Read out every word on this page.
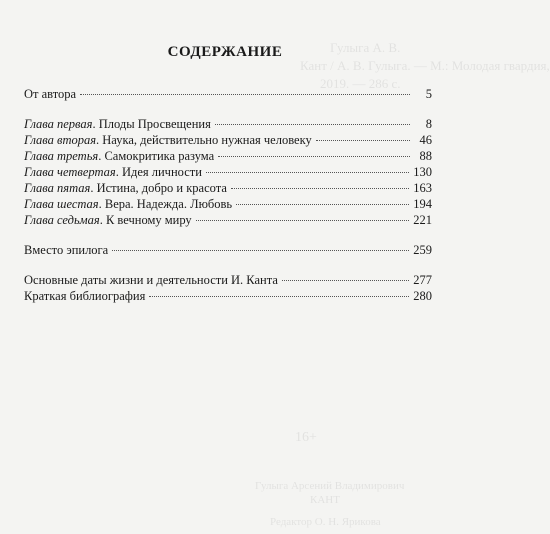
Гулыга А. В.
Кант / А. В. Гулыга. — М.: Молодая гвардия,
2019. — 286 с.
16+
Гулыга Арсений Владимирович
КАНТ
Редактор О. Н. Ярикова
СОДЕРЖАНИЕ
От автора	5
Глава первая. Плоды Просвещения	8
Глава вторая. Наука, действительно нужная человеку	46
Глава третья. Самокритика разума	88
Глава четвертая. Идея личности	130
Глава пятая. Истина, добро и красота	163
Глава шестая. Вера. Надежда. Любовь	194
Глава седьмая. К вечному миру	221
Вместо эпилога	259
Основные даты жизни и деятельности И. Канта	277
Краткая библиография	280
